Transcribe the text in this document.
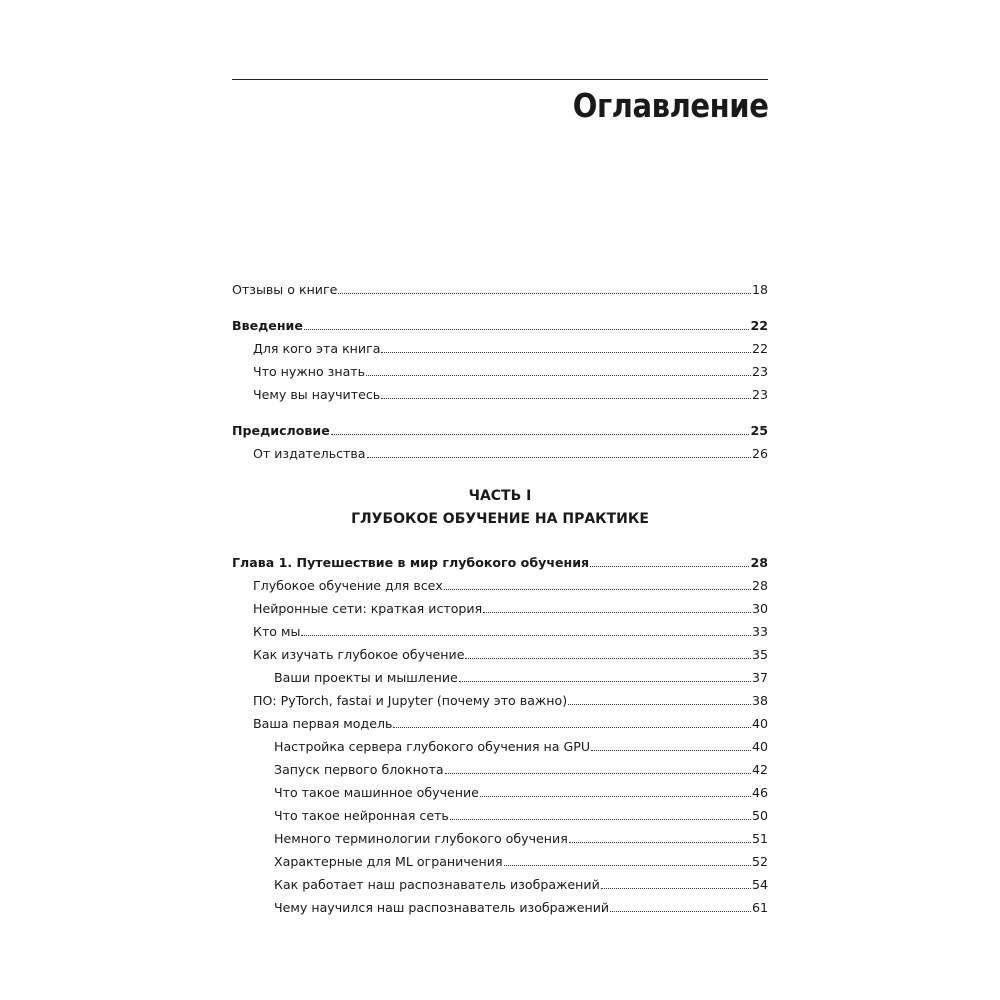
Оглавление
Отзывы о книге	18
Введение	22
Для кого эта книга	22
Что нужно знать	23
Чему вы научитесь	23
Предисловие	25
От издательства	26
ЧАСТЬ I
ГЛУБОКОЕ ОБУЧЕНИЕ НА ПРАКТИКЕ
Глава 1. Путешествие в мир глубокого обучения	28
Глубокое обучение для всех	28
Нейронные сети: краткая история	30
Кто мы	33
Как изучать глубокое обучение	35
Ваши проекты и мышление	37
ПО: PyTorch, fastai и Jupyter (почему это важно)	38
Ваша первая модель	40
Настройка сервера глубокого обучения на GPU	40
Запуск первого блокнота	42
Что такое машинное обучение	46
Что такое нейронная сеть	50
Немного терминологии глубокого обучения	51
Характерные для ML ограничения	52
Как работает наш распознаватель изображений	54
Чему научился наш распознаватель изображений	61
